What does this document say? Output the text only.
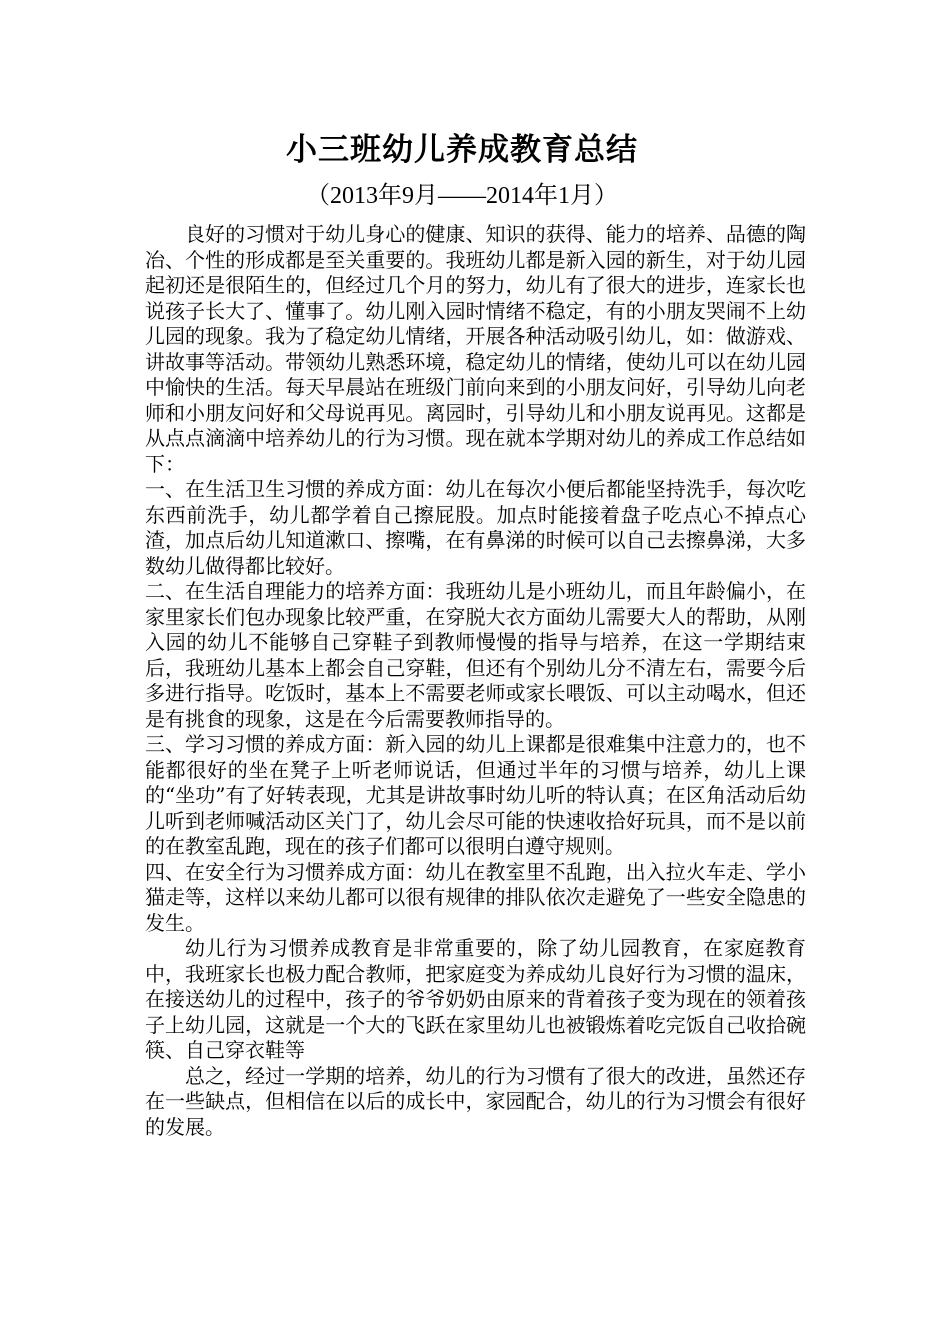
小三班幼儿养成教育总结

（2013年9月——2014年1月）

良好的习惯对于幼儿身心的健康、知识的获得、能力的培养、品德的陶冶、个性的形成都是至关重要的。我班幼儿都是新入园的新生，对于幼儿园起初还是很陌生的，但经过几个月的努力，幼儿有了很大的进步，连家长也说孩子长大了、懂事了。幼儿刚入园时情绪不稳定，有的小朋友哭闹不上幼儿园的现象。我为了稳定幼儿情绪，开展各种活动吸引幼儿，如：做游戏、讲故事等活动。带领幼儿熟悉环境，稳定幼儿的情绪，使幼儿可以在幼儿园中愉快的生活。每天早晨站在班级门前向来到的小朋友问好，引导幼儿向老师和小朋友问好和父母说再见。离园时，引导幼儿和小朋友说再见。这都是从点点滴滴中培养幼儿的行为习惯。现在就本学期对幼儿的养成工作总结如下：

一、在生活卫生习惯的养成方面：幼儿在每次小便后都能坚持洗手，每次吃东西前洗手，幼儿都学着自己擦屁股。加点时能接着盘子吃点心不掉点心渣，加点后幼儿知道漱口、擦嘴，在有鼻涕的时候可以自己去擦鼻涕，大多数幼儿做得都比较好。

二、在生活自理能力的培养方面：我班幼儿是小班幼儿，而且年龄偏小，在家里家长们包办现象比较严重，在穿脱大衣方面幼儿需要大人的帮助，从刚入园的幼儿不能够自己穿鞋子到教师慢慢的指导与培养，在这一学期结束后，我班幼儿基本上都会自己穿鞋，但还有个别幼儿分不清左右，需要今后多进行指导。吃饭时，基本上不需要老师或家长喂饭、可以主动喝水，但还是有挑食的现象，这是在今后需要教师指导的。

三、学习习惯的养成方面：新入园的幼儿上课都是很难集中注意力的，也不能都很好的坐在凳子上听老师说话，但通过半年的习惯与培养，幼儿上课的“坐功”有了好转表现，尤其是讲故事时幼儿听的特认真；在区角活动后幼儿听到老师喊活动区关门了，幼儿会尽可能的快速收拾好玩具，而不是以前的在教室乱跑，现在的孩子们都可以很明白遵守规则。

四、在安全行为习惯养成方面：幼儿在教室里不乱跑，出入拉火车走、学小猫走等，这样以来幼儿都可以很有规律的排队依次走避免了一些安全隐患的发生。

幼儿行为习惯养成教育是非常重要的，除了幼儿园教育，在家庭教育中，我班家长也极力配合教师，把家庭变为养成幼儿良好行为习惯的温床，在接送幼儿的过程中，孩子的爷爷奶奶由原来的背着孩子变为现在的领着孩子上幼儿园，这就是一个大的飞跃在家里幼儿也被锻炼着吃完饭自己收拾碗筷、自己穿衣鞋等

总之，经过一学期的培养，幼儿的行为习惯有了很大的改进，虽然还存在一些缺点，但相信在以后的成长中，家园配合，幼儿的行为习惯会有很好的发展。
